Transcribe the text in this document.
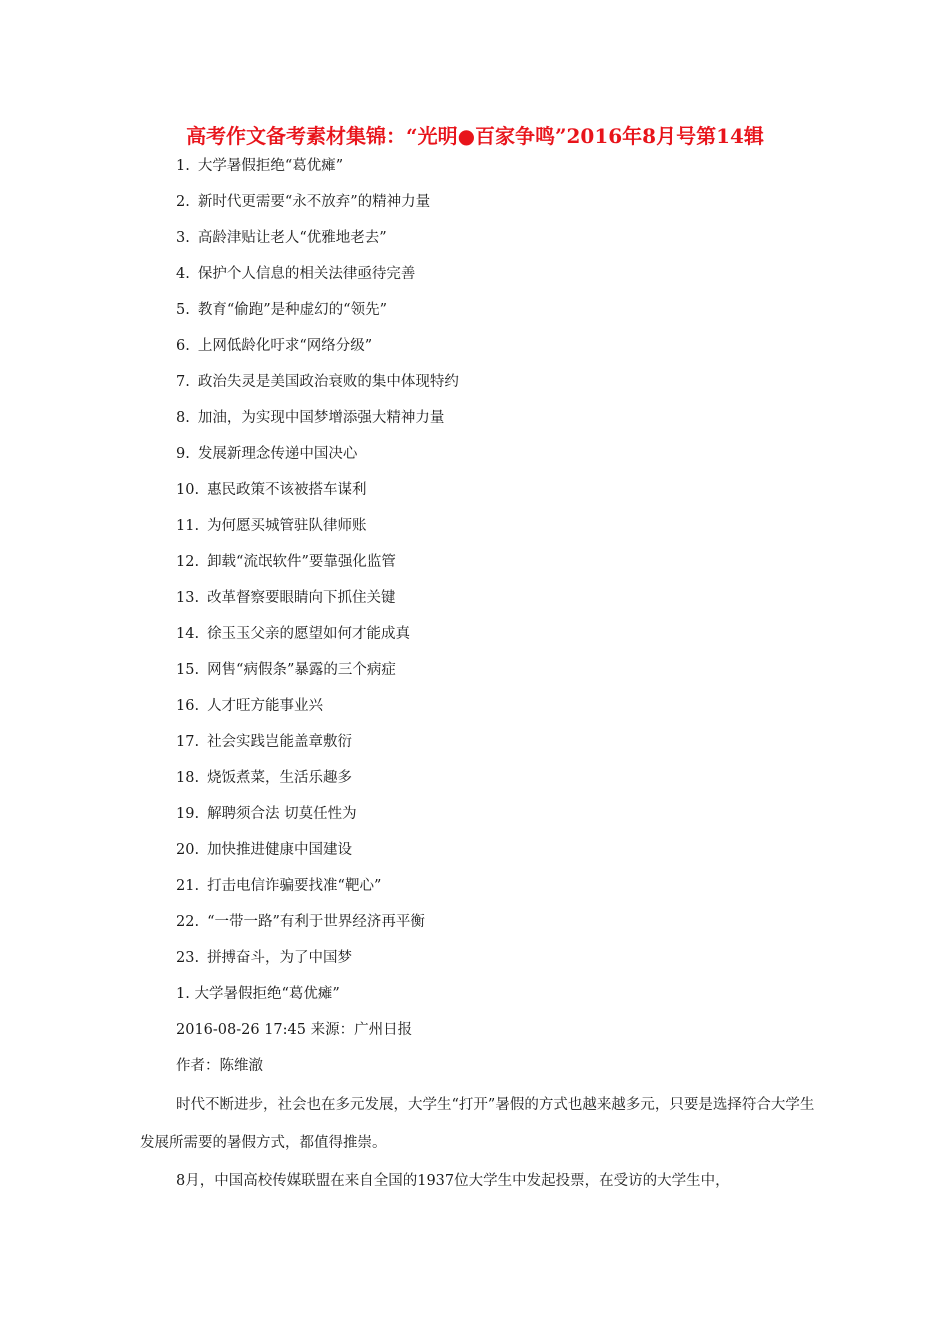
高考作文备考素材集锦：“光明●百家争鸣”2016年8月号第14辑
1. 大学暑假拒绝“葛优瘫”
2. 新时代更需要“永不放弃”的精神力量
3. 高龄津贴让老人“优雅地老去”
4. 保护个人信息的相关法律亟待完善
5. 教育“偷跑”是种虚幻的“领先”
6. 上网低龄化吁求“网络分级”
7. 政治失灵是美国政治衰败的集中体现特约
8. 加油，为实现中国梦增添强大精神力量
9. 发展新理念传递中国决心
10. 惠民政策不该被搭车谋利
11. 为何愿买城管驻队律师账
12. 卸载“流氓软件”要靠强化监管
13. 改革督察要眼睛向下抓住关键
14. 徐玉玉父亲的愿望如何才能成真
15. 网售“病假条”暴露的三个病症
16. 人才旺方能事业兴
17. 社会实践岂能盖章敷衍
18. 烧饭煮菜，生活乐趣多
19. 解聘须合法 切莫任性为
20. 加快推进健康中国建设
21. 打击电信诈骗要找准“靶心”
22. “一带一路”有利于世界经济再平衡
23. 拼搏奋斗，为了中国梦
1. 大学暑假拒绝“葛优瘫”
2016-08-26 17:45 来源：广州日报
作者：陈维澈

时代不断进步，社会也在多元发展，大学生“打开”暑假的方式也越来越多元，只要是选择符合大学生发展所需要的暑假方式，都值得推崇。

8月，中国高校传媒联盟在来自全国的1937位大学生中发起投票，在受访的大学生中，
